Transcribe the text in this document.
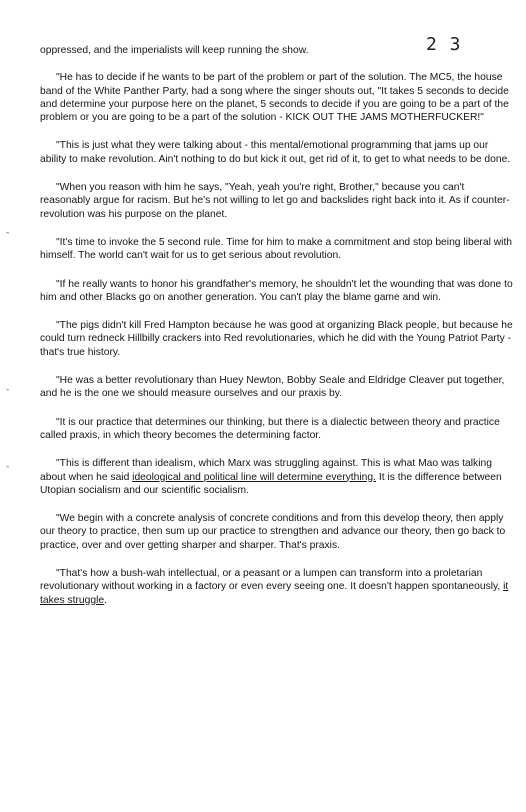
2 3
-
-
-

oppressed, and the imperialists will keep running the show.

"He has to decide if he wants to be part of the problem or part of the solution. The MC5, the house band of the White Panther Party, had a song where the singer shouts out, "It takes 5 seconds to decide and determine your purpose here on the planet, 5 seconds to decide if you are going to be a part of the problem or you are going to be a part of the solution - KICK OUT THE JAMS MOTHERFUCKER!"

"This is just what they were talking about - this mental/emotional programming that jams up our ability to make revolution. Ain't nothing to do but kick it out, get rid of it, to get to what needs to be done.

"When you reason with him he says, "Yeah, yeah you're right, Brother," because you can't reasonably argue for racism. But he's not willing to let go and backslides right back into it. As if counter-revolution was his purpose on the planet.

"It's time to invoke the 5 second rule. Time for him to make a commitment and stop being liberal with himself. The world can't wait for us to get serious about revolution.

"If he really wants to honor his grandfather's memory, he shouldn't let the wounding that was done to him and other Blacks go on another generation. You can't play the blame game and win.

"The pigs didn't kill Fred Hampton because he was good at organizing Black people, but because he could turn redneck Hillbilly crackers into Red revolutionaries, which he did with the Young Patriot Party - that's true history.

"He was a better revolutionary than Huey Newton, Bobby Seale and Eldridge Cleaver put together, and he is the one we should measure ourselves and our praxis by.

"It is our practice that determines our thinking, but there is a dialectic between theory and practice called praxis, in which theory becomes the determining factor.

"This is different than idealism, which Marx was struggling against. This is what Mao was talking about when he said ideological and political line will determine everything. It is the difference between Utopian socialism and our scientific socialism.

"We begin with a concrete analysis of concrete conditions and from this develop theory, then apply our theory to practice, then sum up our practice to strengthen and advance our theory, then go back to practice, over and over getting sharper and sharper. That's praxis.

"That's how a bush-wah intellectual, or a peasant or a lumpen can transform into a proletarian revolutionary without working in a factory or even every seeing one. It doesn't happen spontaneously, it takes struggle.
